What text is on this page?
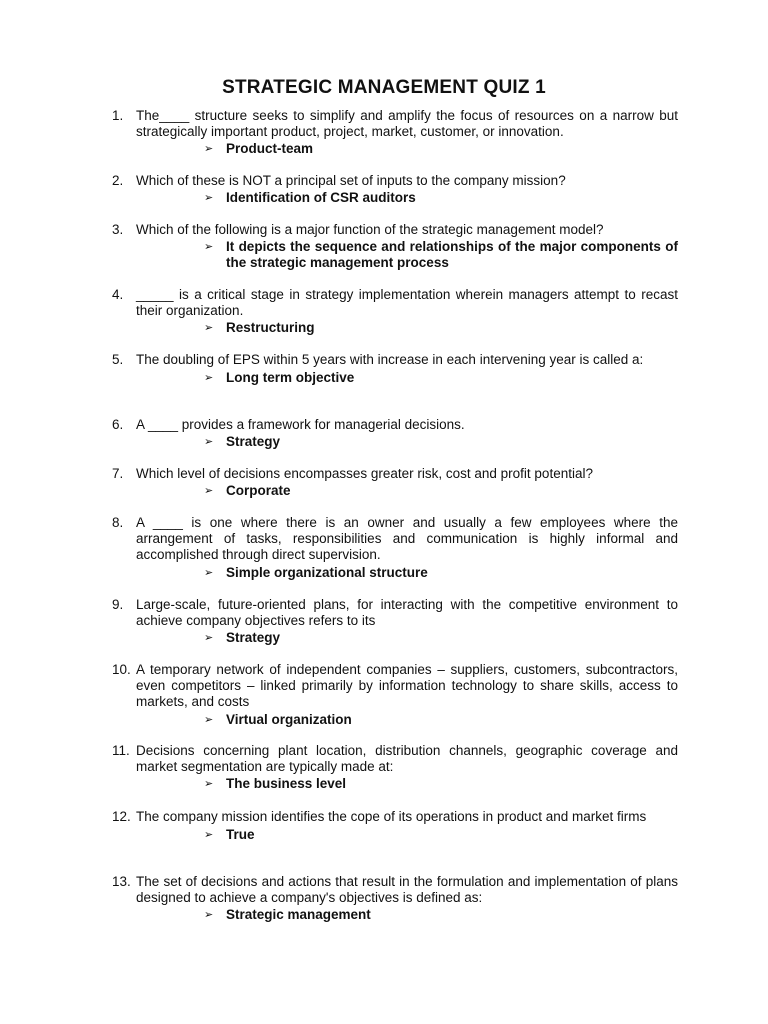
STRATEGIC MANAGEMENT QUIZ 1
1. The____ structure seeks to simplify and amplify the focus of resources on a narrow but strategically important product, project, market, customer, or innovation.
➢ Product-team
2. Which of these is NOT a principal set of inputs to the company mission?
➢ Identification of CSR auditors
3. Which of the following is a major function of the strategic management model?
➢ It depicts the sequence and relationships of the major components of the strategic management process
4. _____ is a critical stage in strategy implementation wherein managers attempt to recast their organization.
➢ Restructuring
5. The doubling of EPS within 5 years with increase in each intervening year is called a:
➢ Long term objective
6. A ____ provides a framework for managerial decisions.
➢ Strategy
7. Which level of decisions encompasses greater risk, cost and profit potential?
➢ Corporate
8. A ____ is one where there is an owner and usually a few employees where the arrangement of tasks, responsibilities and communication is highly informal and accomplished through direct supervision.
➢ Simple organizational structure
9. Large-scale, future-oriented plans, for interacting with the competitive environment to achieve company objectives refers to its
➢ Strategy
10. A temporary network of independent companies – suppliers, customers, subcontractors, even competitors – linked primarily by information technology to share skills, access to markets, and costs
➢ Virtual organization
11. Decisions concerning plant location, distribution channels, geographic coverage and market segmentation are typically made at:
➢ The business level
12. The company mission identifies the cope of its operations in product and market firms
➢ True
13. The set of decisions and actions that result in the formulation and implementation of plans designed to achieve a company's objectives is defined as:
➢ Strategic management
